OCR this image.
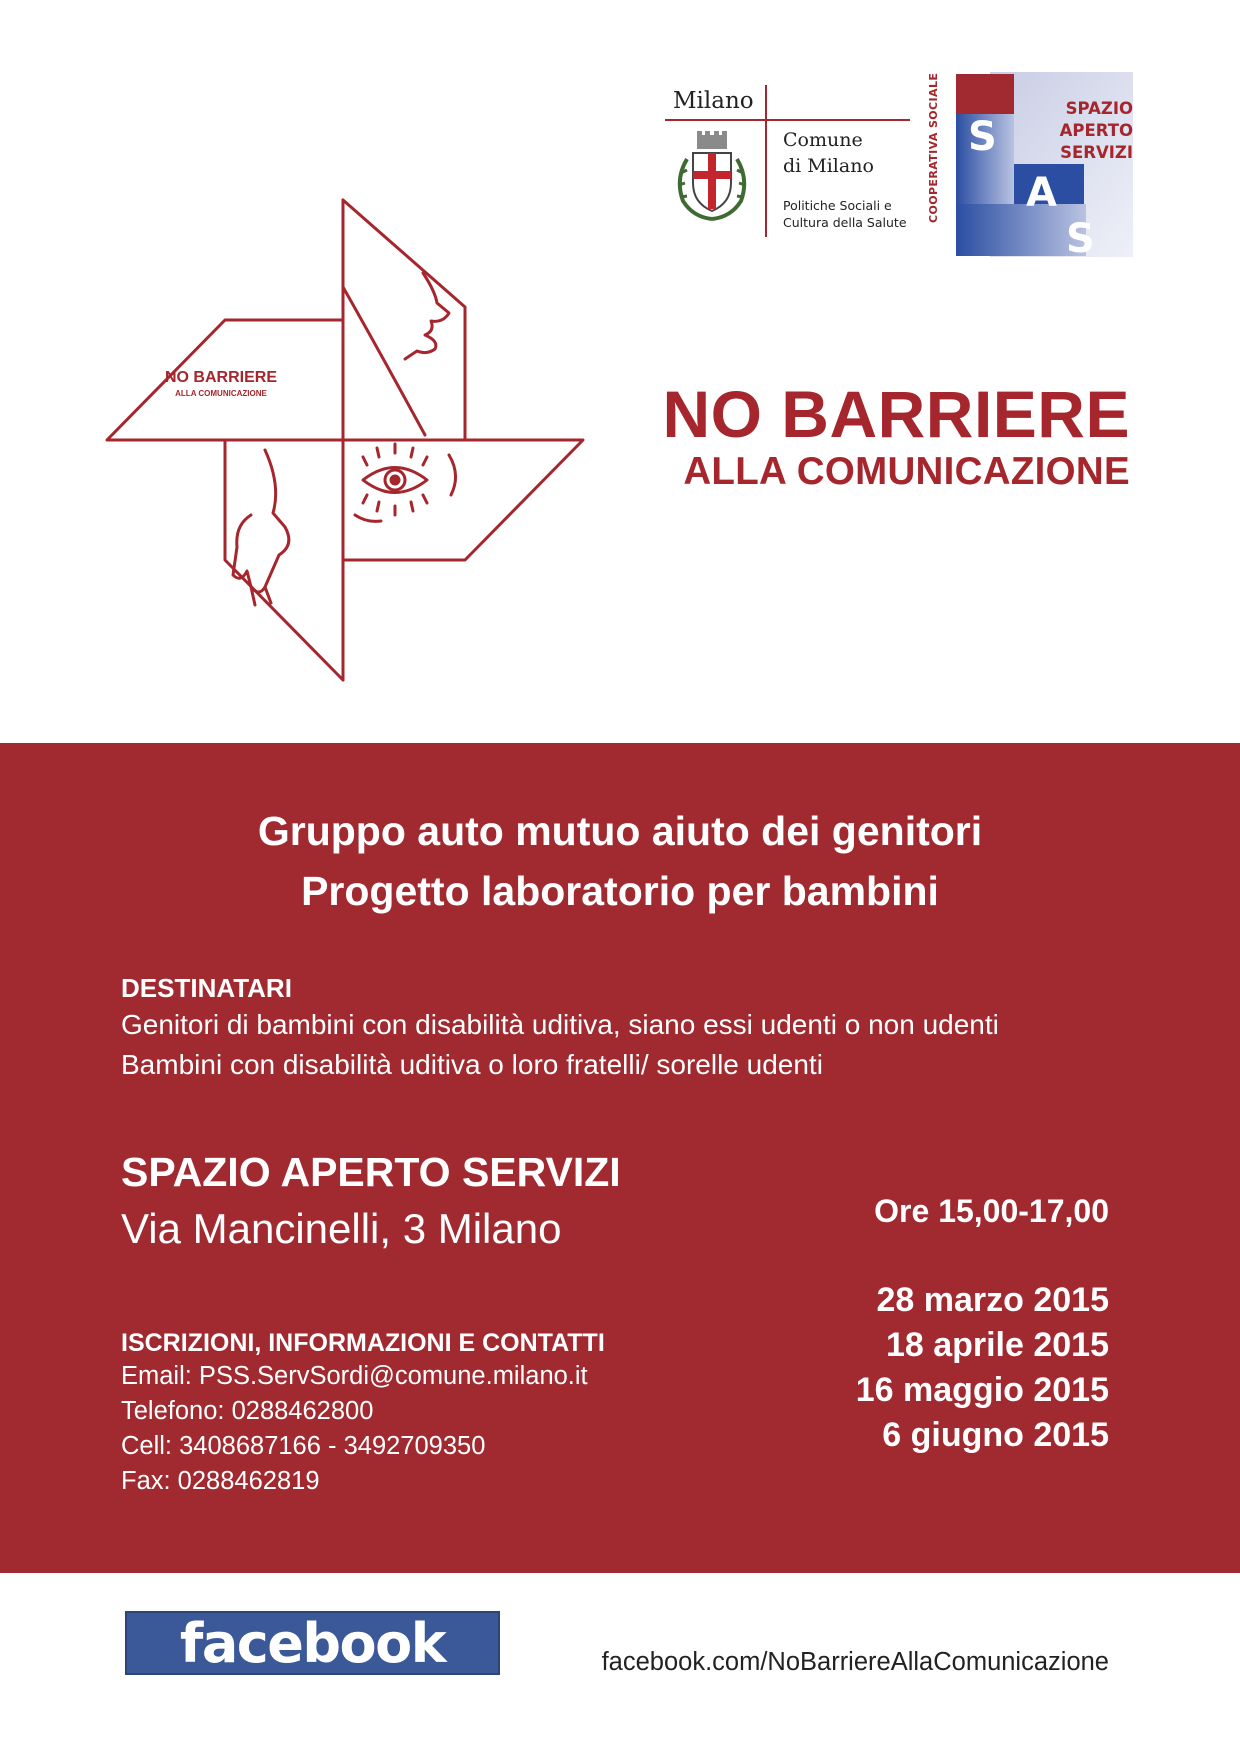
Milano
Comune
di Milano
Politiche Sociali e
Cultura della Salute
S
A
S
COOPERATIVA SOCIALE	SPAZIO
APERTO
SERVIZI
NO BARRIERE
ALLA COMUNICAZIONE	NO BARRIERE
ALLA COMUNICAZIONE
Gruppo auto mutuo aiuto dei genitori
Progetto laboratorio per bambini
DESTINATARI
Genitori di bambini con disabilità uditiva, siano essi udenti o non udenti
Bambini con disabilità uditiva o loro fratelli/ sorelle udenti
SPAZIO APERTO SERVIZI
Via Mancinelli, 3 Milano	Ore 15,00-17,00
28 marzo 2015
18 aprile 2015
16 maggio 2015
6 giugno 2015
ISCRIZIONI, INFORMAZIONI E CONTATTI
Email: PSS.ServSordi@comune.milano.it
Telefono: 0288462800
Cell: 3408687166 - 3492709350
Fax: 0288462819
facebook	facebook.com/NoBarriereAllaComunicazione
